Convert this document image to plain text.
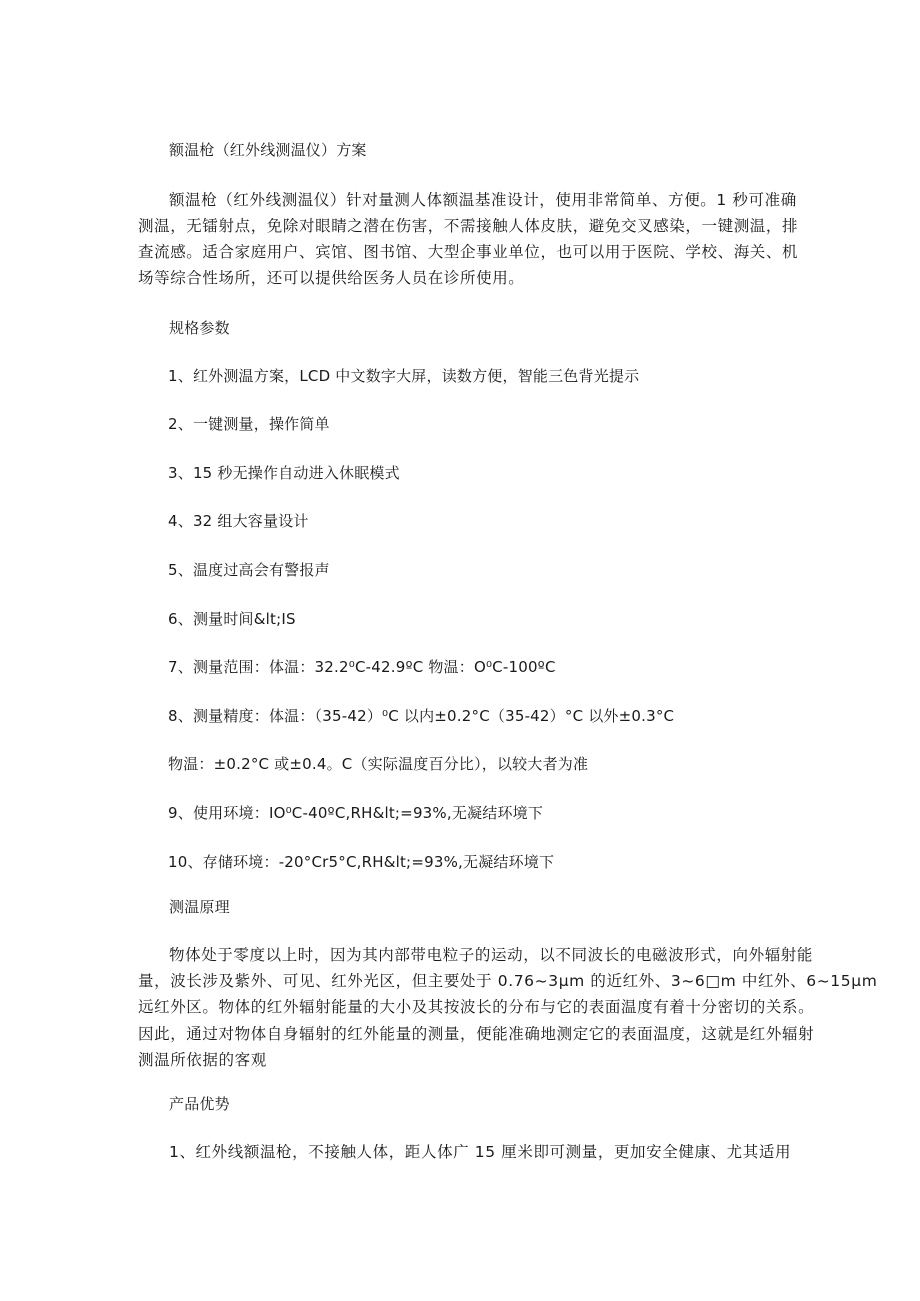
额温枪（红外线测温仪）方案
额温枪（红外线测温仪）针对量测人体额温基准设计，使用非常简单、方便。1 秒可准确
测温，无镭射点，免除对眼睛之潜在伤害，不需接触人体皮肤，避免交叉感染，一键测温，排
查流感。适合家庭用户、宾馆、图书馆、大型企事业单位，也可以用于医院、学校、海关、机
场等综合性场所，还可以提供给医务人员在诊所使用。
规格参数
1、红外测温方案，LCD 中文数字大屏，读数方便，智能三色背光提示
2、一键测量，操作简单
3、15 秒无操作自动进入休眠模式
4、32 组大容量设计
5、温度过高会有警报声
6、测量时间&lt;IS
7、测量范围：体温：32.2⁰C-42.9ºC 物温：O⁰C-100ºC
8、测量精度：体温：（35-42）⁰C 以内±0.2°C（35-42）°C 以外±0.3°C
物温：±0.2°C 或±0.4。C（实际温度百分比），以较大者为准
9、使用环境：IO⁰C-40ºC,RH&lt;=93%,无凝结环境下
10、存储环境：-20°Cr5°C,RH&lt;=93%,无凝结环境下
测温原理
物体处于零度以上时，因为其内部带电粒子的运动，以不同波长的电磁波形式，向外辐射能
量，波长涉及紫外、可见、红外光区，但主要处于 0.76~3μm 的近红外、3~6□m 中红外、6~15μm
远红外区。物体的红外辐射能量的大小及其按波长的分布与它的表面温度有着十分密切的关系。
因此，通过对物体自身辐射的红外能量的测量，便能准确地测定它的表面温度，这就是红外辐射
测温所依据的客观
产品优势
1、红外线额温枪，不接触人体，距人体广 15 厘米即可测量，更加安全健康、尤其适用
